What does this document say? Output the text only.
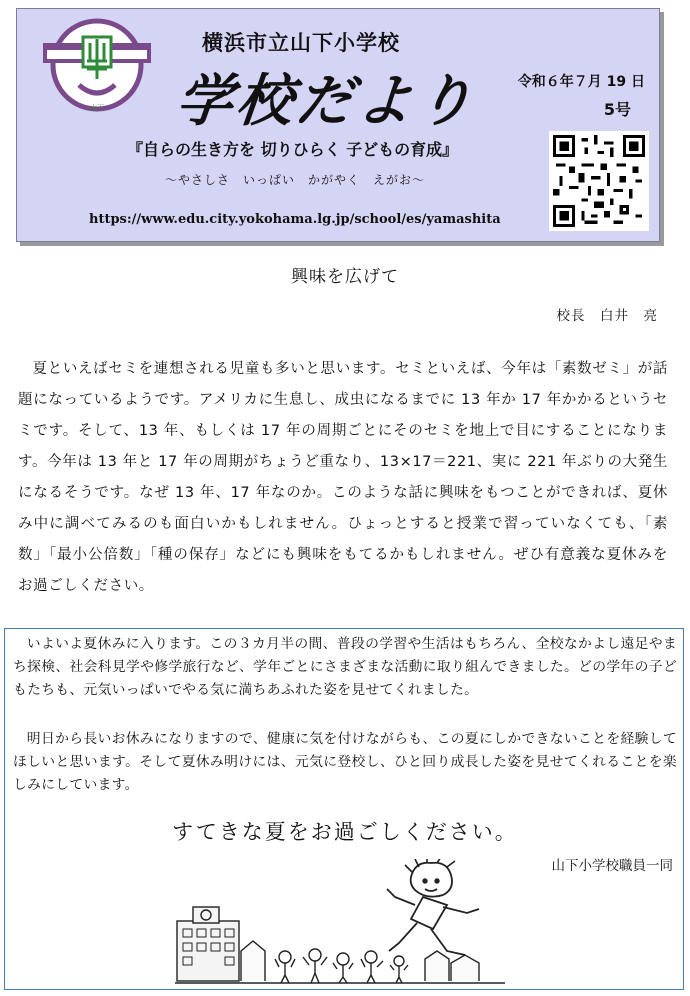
山下
横浜市立山下小学校
学校だより	令和６年７月 19 日
5号
『自らの生き方を 切りひらく 子どもの育成』
～やさしさ　いっぱい　かがやく　えがお～
https://www.edu.city.yokohama.lg.jp/school/es/yamashita
興味を広げて
校長　白井　亮

夏といえばセミを連想される児童も多いと思います。セミといえば、今年は「素数ゼミ」が話題になっているようです。アメリカに生息し、成虫になるまでに 13 年か 17 年かかるというセミです。そして、13 年、もしくは 17 年の周期ごとにそのセミを地上で目にすることになります。今年は 13 年と 17 年の周期がちょうど重なり、13×17＝221、実に 221 年ぶりの大発生になるそうです。なぜ 13 年、17 年なのか。このような話に興味をもつことができれば、夏休み中に調べてみるのも面白いかもしれません。ひょっとすると授業で習っていなくても、「素数」「最小公倍数」「種の保存」などにも興味をもてるかもしれません。ぜひ有意義な夏休みをお過ごしください。

いよいよ夏休みに入ります。この３カ月半の間、普段の学習や生活はもちろん、全校なかよし遠足やまち探検、社会科見学や修学旅行など、学年ごとにさまざまな活動に取り組んできました。どの学年の子どもたちも、元気いっぱいでやる気に満ちあふれた姿を見せてくれました。

明日から長いお休みになりますので、健康に気を付けながらも、この夏にしかできないことを経験してほしいと思います。そして夏休み明けには、元気に登校し、ひと回り成長した姿を見せてくれることを楽しみにしています。

すてきな夏をお過ごしください。
山下小学校職員一同
